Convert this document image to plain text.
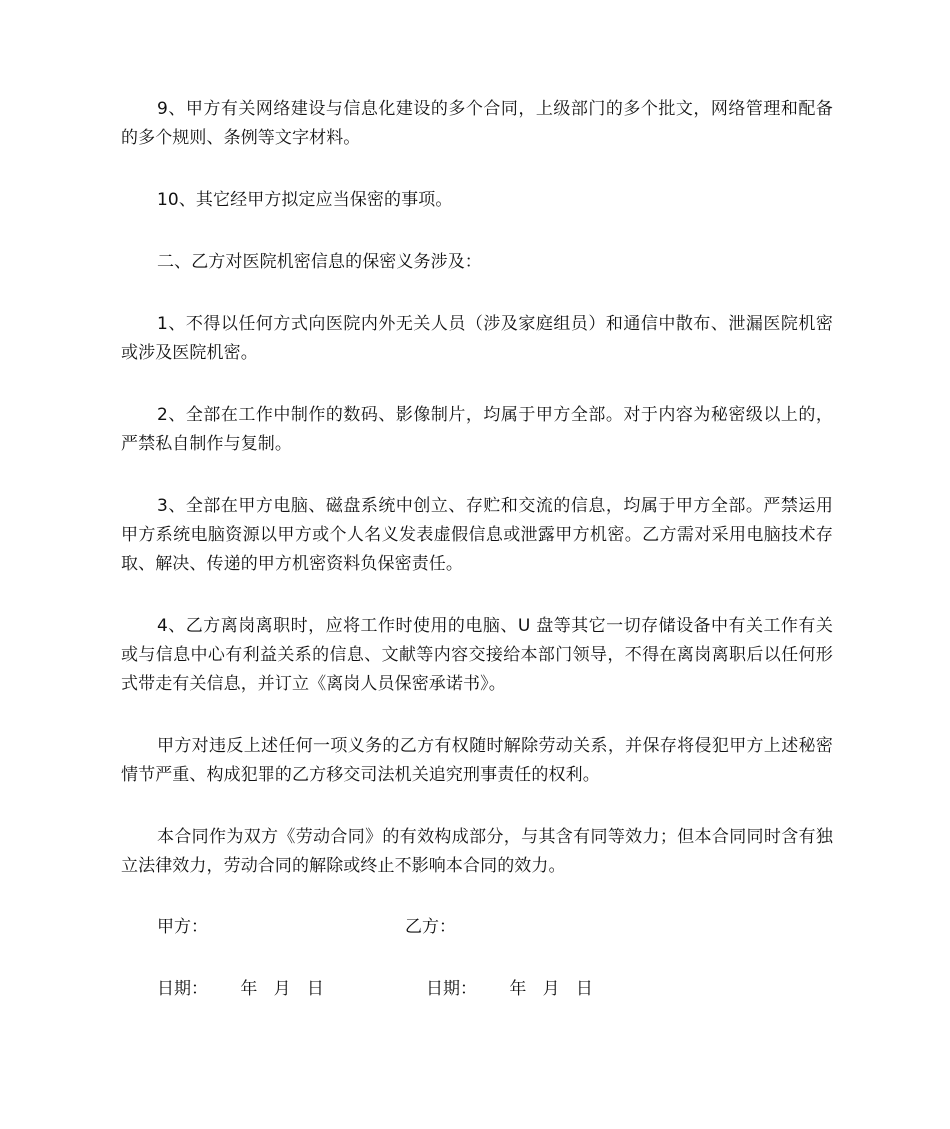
9、甲方有关网络建设与信息化建设的多个合同，上级部门的多个批文，网络管理和配备的多个规则、条例等文字材料。

10、其它经甲方拟定应当保密的事项。

二、乙方对医院机密信息的保密义务涉及：

1、不得以任何方式向医院内外无关人员（涉及家庭组员）和通信中散布、泄漏医院机密或涉及医院机密。

2、全部在工作中制作的数码、影像制片，均属于甲方全部。对于内容为秘密级以上的，严禁私自制作与复制。

3、全部在甲方电脑、磁盘系统中创立、存贮和交流的信息，均属于甲方全部。严禁运用甲方系统电脑资源以甲方或个人名义发表虚假信息或泄露甲方机密。乙方需对采用电脑技术存取、解决、传递的甲方机密资料负保密责任。

4、乙方离岗离职时，应将工作时使用的电脑、U 盘等其它一切存储设备中有关工作有关或与信息中心有利益关系的信息、文献等内容交接给本部门领导，不得在离岗离职后以任何形式带走有关信息，并订立《离岗人员保密承诺书》。

甲方对违反上述任何一项义务的乙方有权随时解除劳动关系，并保存将侵犯甲方上述秘密情节严重、构成犯罪的乙方移交司法机关追究刑事责任的权利。

本合同作为双方《劳动合同》的有效构成部分，与其含有同等效力；但本合同同时含有独立法律效力，劳动合同的解除或终止不影响本合同的效力。

甲方：	乙方：

日期：      年   月   日	日期：      年   月   日
